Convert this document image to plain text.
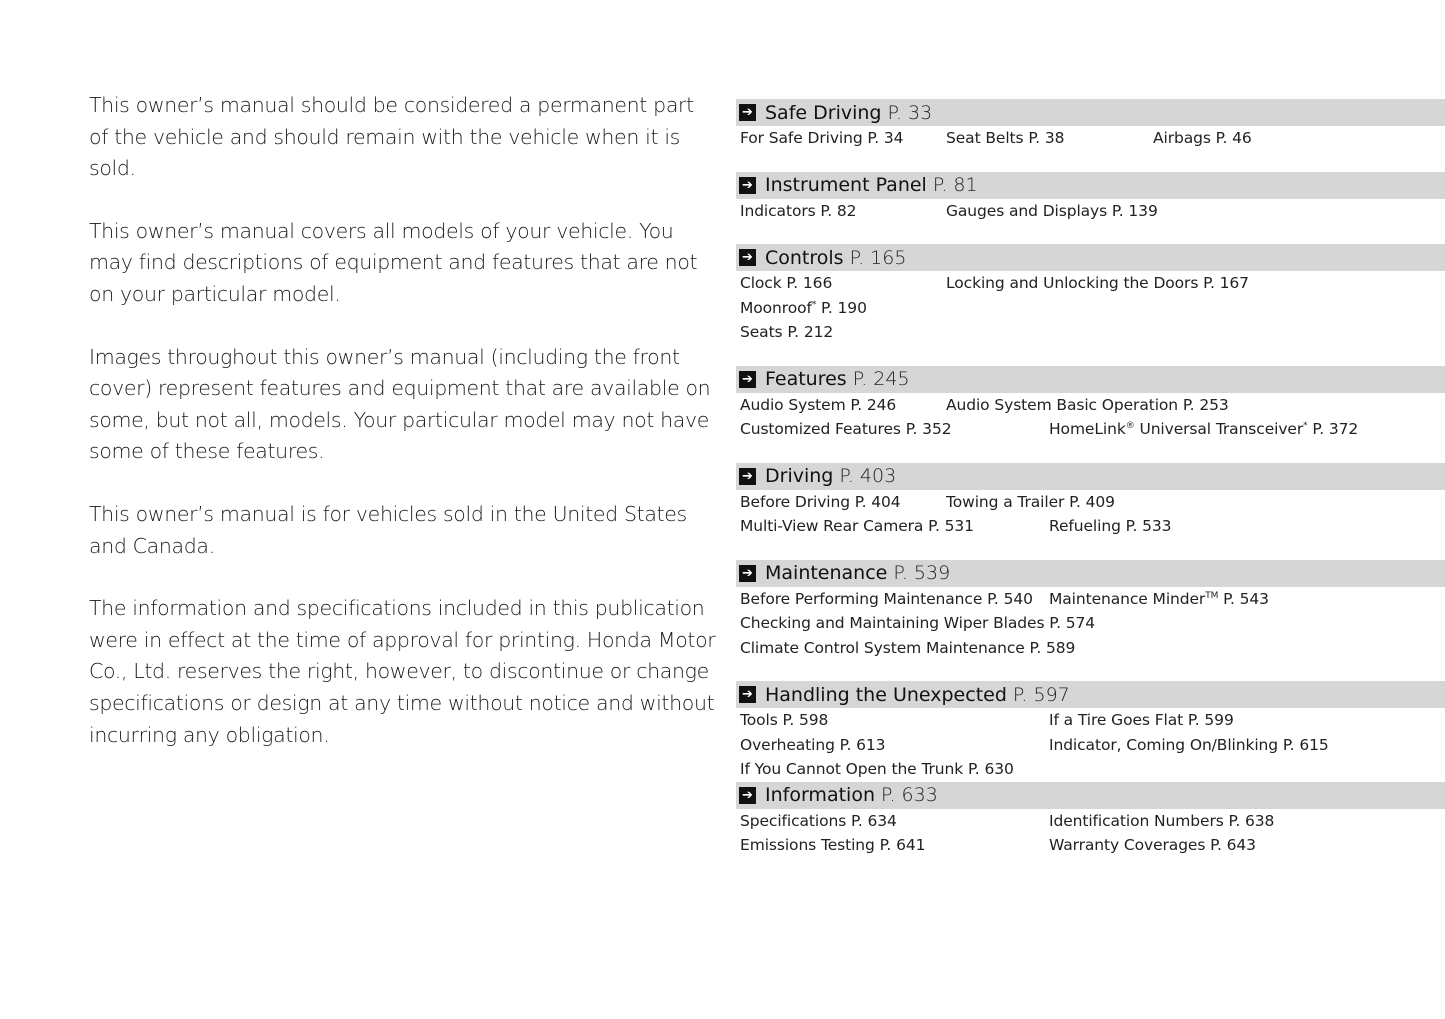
This owner’s manual should be considered a permanent part of the vehicle and should remain with the vehicle when it is sold.

This owner’s manual covers all models of your vehicle. You may find descriptions of equipment and features that are not on your particular model.

Images throughout this owner’s manual (including the front cover) represent features and equipment that are available on some, but not all, models. Your particular model may not have some of these features.

This owner’s manual is for vehicles sold in the United States and Canada.

The information and specifications included in this publication were in effect at the time of approval for printing. Honda Motor Co., Ltd. reserves the right, however, to discontinue or change specifications or design at any time without notice and without incurring any obligation.

➔ Safe Driving P. 33
For Safe Driving P. 34	Seat Belts P. 38	Airbags P. 46
➔ Instrument Panel P. 81
Indicators P. 82	Gauges and Displays P. 139
➔ Controls P. 165
Clock P. 166	Locking and Unlocking the Doors P. 167
Moonroof* P. 190
Seats P. 212
➔ Features P. 245
Audio System P. 246	Audio System Basic Operation P. 253
Customized Features P. 352	HomeLink® Universal Transceiver* P. 372
➔ Driving P. 403
Before Driving P. 404	Towing a Trailer P. 409
Multi-View Rear Camera P. 531	Refueling P. 533
➔ Maintenance P. 539
Before Performing Maintenance P. 540 Maintenance Minder™ P. 543
Checking and Maintaining Wiper Blades P. 574
Climate Control System Maintenance P. 589
➔ Handling the Unexpected P. 597
Tools P. 598	If a Tire Goes Flat P. 599
Overheating P. 613	Indicator, Coming On/Blinking P. 615
If You Cannot Open the Trunk P. 630
➔ Information P. 633
Specifications P. 634	Identification Numbers P. 638
Emissions Testing P. 641	Warranty Coverages P. 643
